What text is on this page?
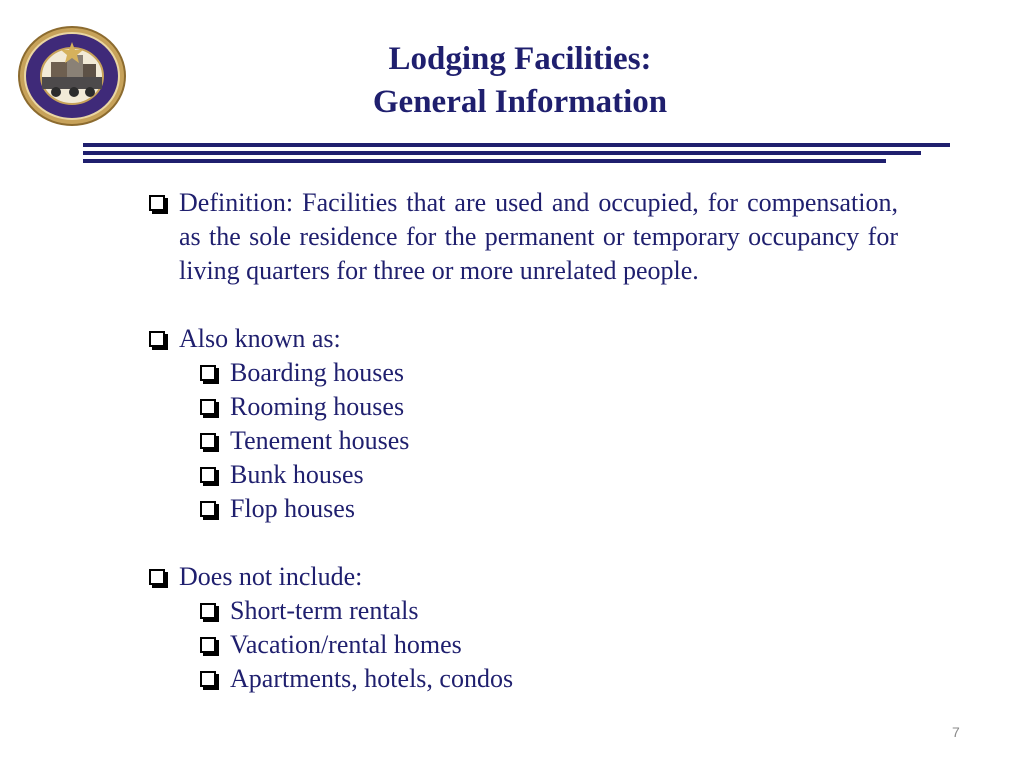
Lodging Facilities:
General Information
Definition: Facilities that are used and occupied, for compensation, as the sole residence for the permanent or temporary occupancy for living quarters for three or more unrelated people.
Also known as:
Boarding houses
Rooming houses
Tenement houses
Bunk houses
Flop houses
Does not include:
Short-term rentals
Vacation/rental homes
Apartments, hotels, condos
7
